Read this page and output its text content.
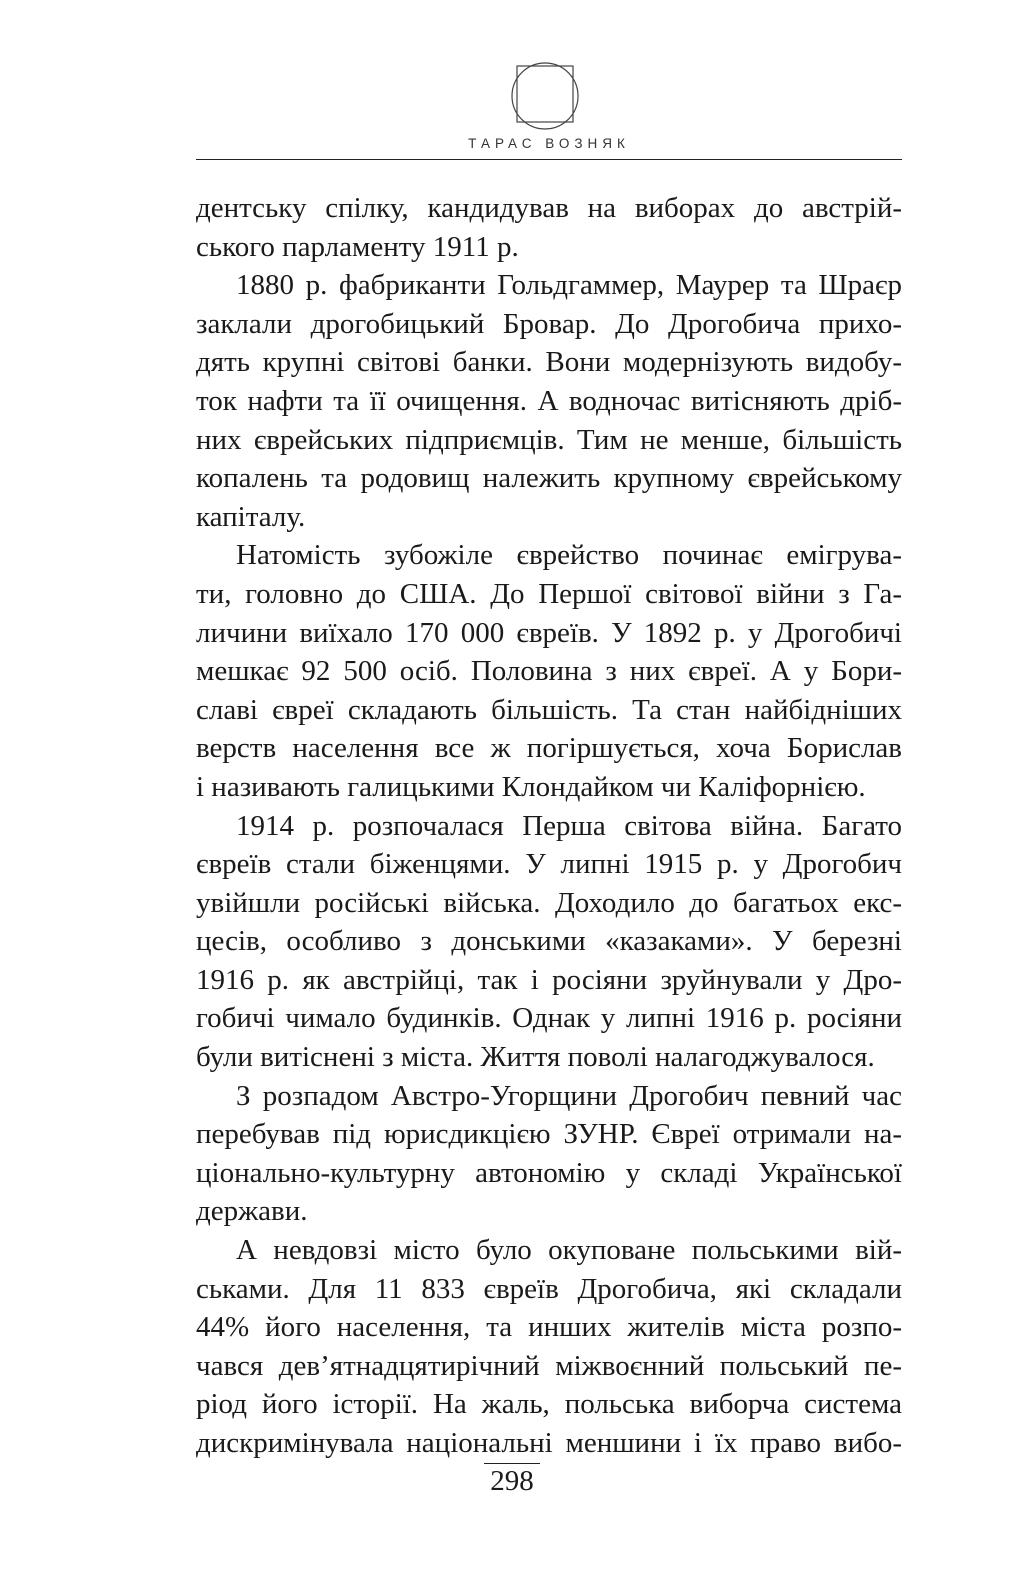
ТАРАС ВОЗНЯК

дентську спілку, кандидував на виборах до австрій-

ського парламенту 1911 р.

1880 р. фабриканти Гольдгаммер, Маурер та Шраєр

заклали дрогобицький Бровар. До Дрогобича прихо-

дять крупні світові банки. Вони модернізують видобу-

ток нафти та її очищення. А водночас витісняють дріб-

них єврейських підприємців. Тим не менше, більшість

копалень та родовищ належить крупному єврейському

капіталу.

Натомість зубожіле єврейство починає емігрува-

ти, головно до США. До Першої світової війни з Га-

личини виїхало 170 000 євреїв. У 1892 р. у Дрогобичі

мешкає 92 500 осіб. Половина з них євреї. А у Бори-

славі євреї складають більшість. Та стан найбідніших

верств населення все ж погіршується, хоча Борислав

і називають галицькими Клондайком чи Каліфорнією.

1914 р. розпочалася Перша світова війна. Багато

євреїв стали біженцями. У липні 1915 р. у Дрогобич

увійшли російські війська. Доходило до багатьох екс-

цесів, особливо з донськими «казаками». У березні

1916 р. як австрійці, так і росіяни зруйнували у Дро-

гобичі чимало будинків. Однак у липні 1916 р. росіяни

були витіснені з міста. Життя поволі налагоджувалося.

З розпадом Австро-Угорщини Дрогобич певний час

перебував під юрисдикцією ЗУНР. Євреї отримали на-

ціонально-культурну автономію у складі Української

держави.

А невдовзі місто було окуповане польськими вій-

ськами. Для 11 833 євреїв Дрогобича, які складали

44% його населення, та инших жителів міста розпо-

чався дев’ятнадцятирічний міжвоєнний польський пе-

ріод його історії. На жаль, польська виборча система

дискримінувала національні меншини і їх право вибо-

298
